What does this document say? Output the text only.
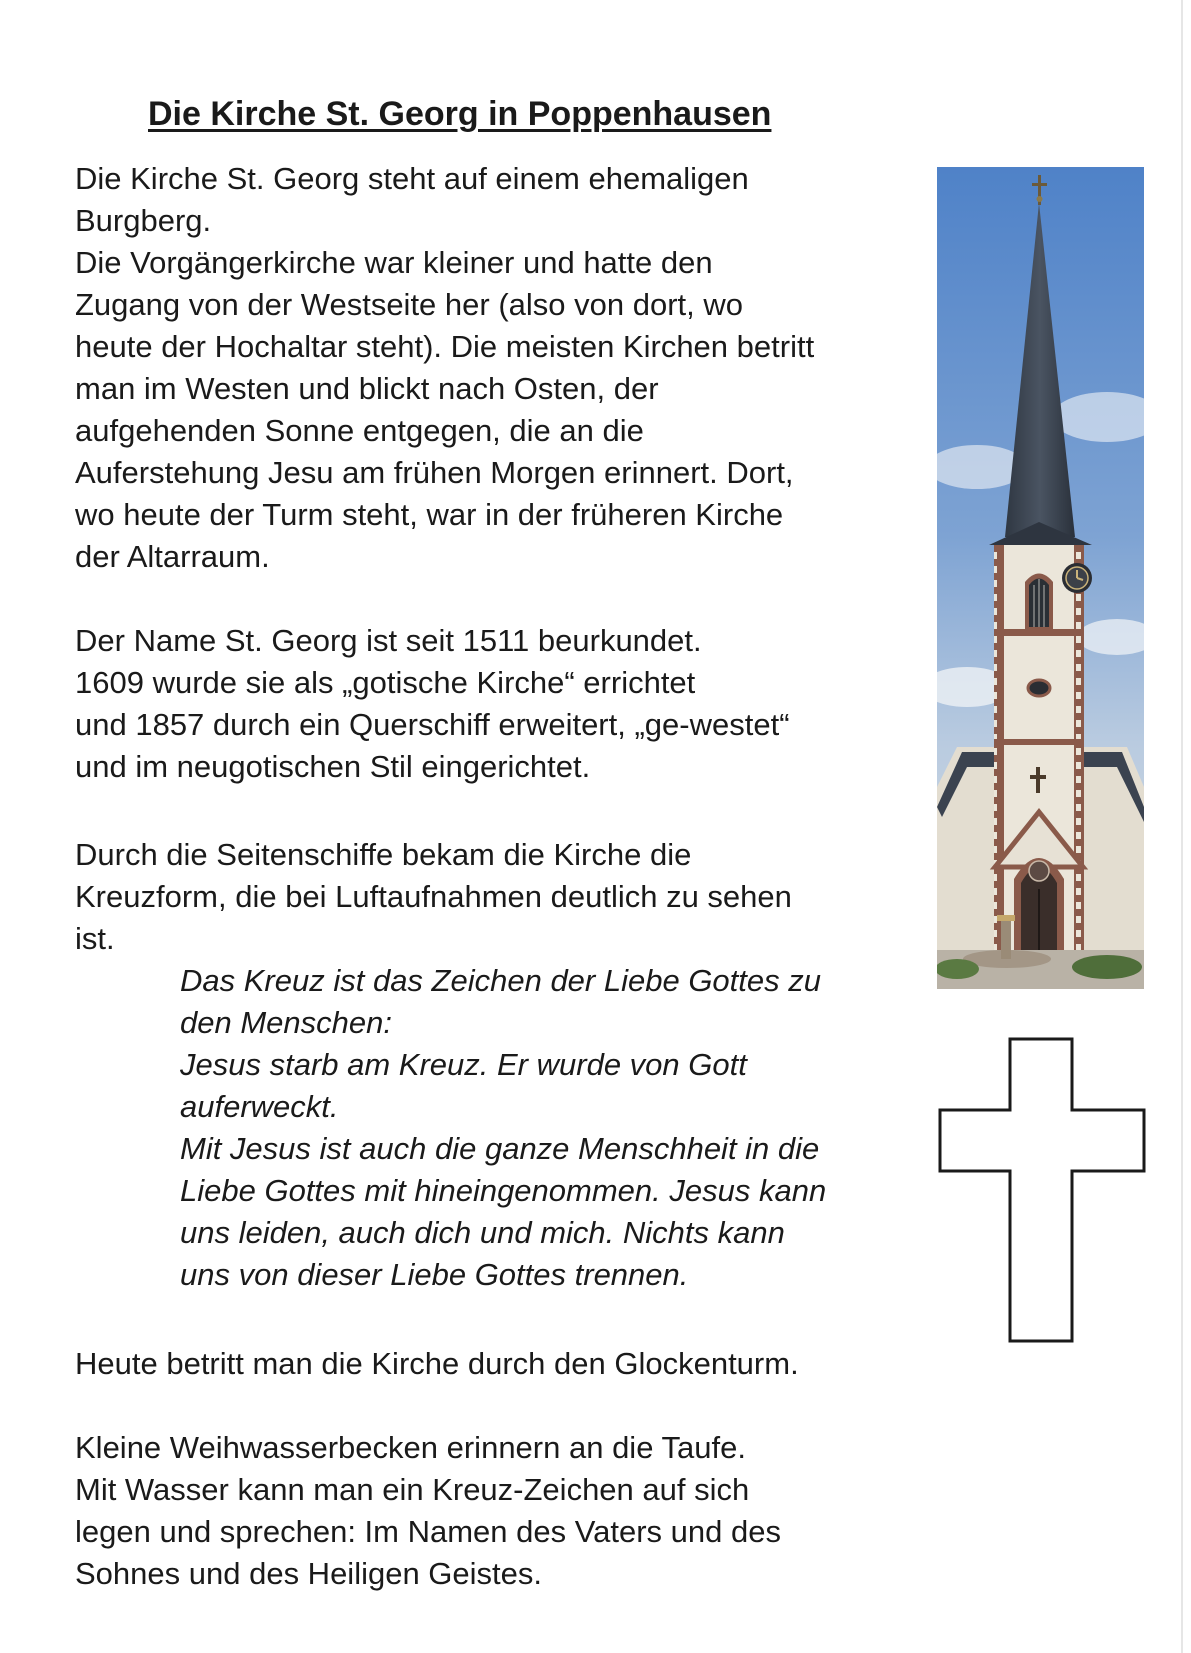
Die Kirche St. Georg in Poppenhausen
Die Kirche St. Georg steht auf einem ehemaligen
Burgberg.
Die Vorgängerkirche war kleiner und hatte den
Zugang von der Westseite her (also von dort, wo
heute der Hochaltar steht). Die meisten Kirchen betritt
man im Westen und blickt nach Osten, der
aufgehenden Sonne entgegen, die an die
Auferstehung Jesu am frühen Morgen erinnert. Dort,
wo heute der Turm steht, war in der früheren Kirche
der Altarraum.
Der Name St. Georg ist seit 1511 beurkundet.
1609 wurde sie als „gotische Kirche“ errichtet
und 1857 durch ein Querschiff erweitert, „ge-westet“
und im neugotischen Stil eingerichtet.
Durch die Seitenschiffe bekam die Kirche die
Kreuzform, die bei Luftaufnahmen deutlich zu sehen
ist.
Das Kreuz ist das Zeichen der Liebe Gottes zu
den Menschen:
Jesus starb am Kreuz. Er wurde von Gott
auferweckt.
Mit Jesus ist auch die ganze Menschheit in die
Liebe Gottes mit hineingenommen. Jesus kann
uns leiden, auch dich und mich. Nichts kann
uns von dieser Liebe Gottes trennen.
Heute betritt man die Kirche durch den Glockenturm.
Kleine Weihwasserbecken erinnern an die Taufe.
Mit Wasser kann man ein Kreuz-Zeichen auf sich
legen und sprechen: Im Namen des Vaters und des
Sohnes und des Heiligen Geistes.
